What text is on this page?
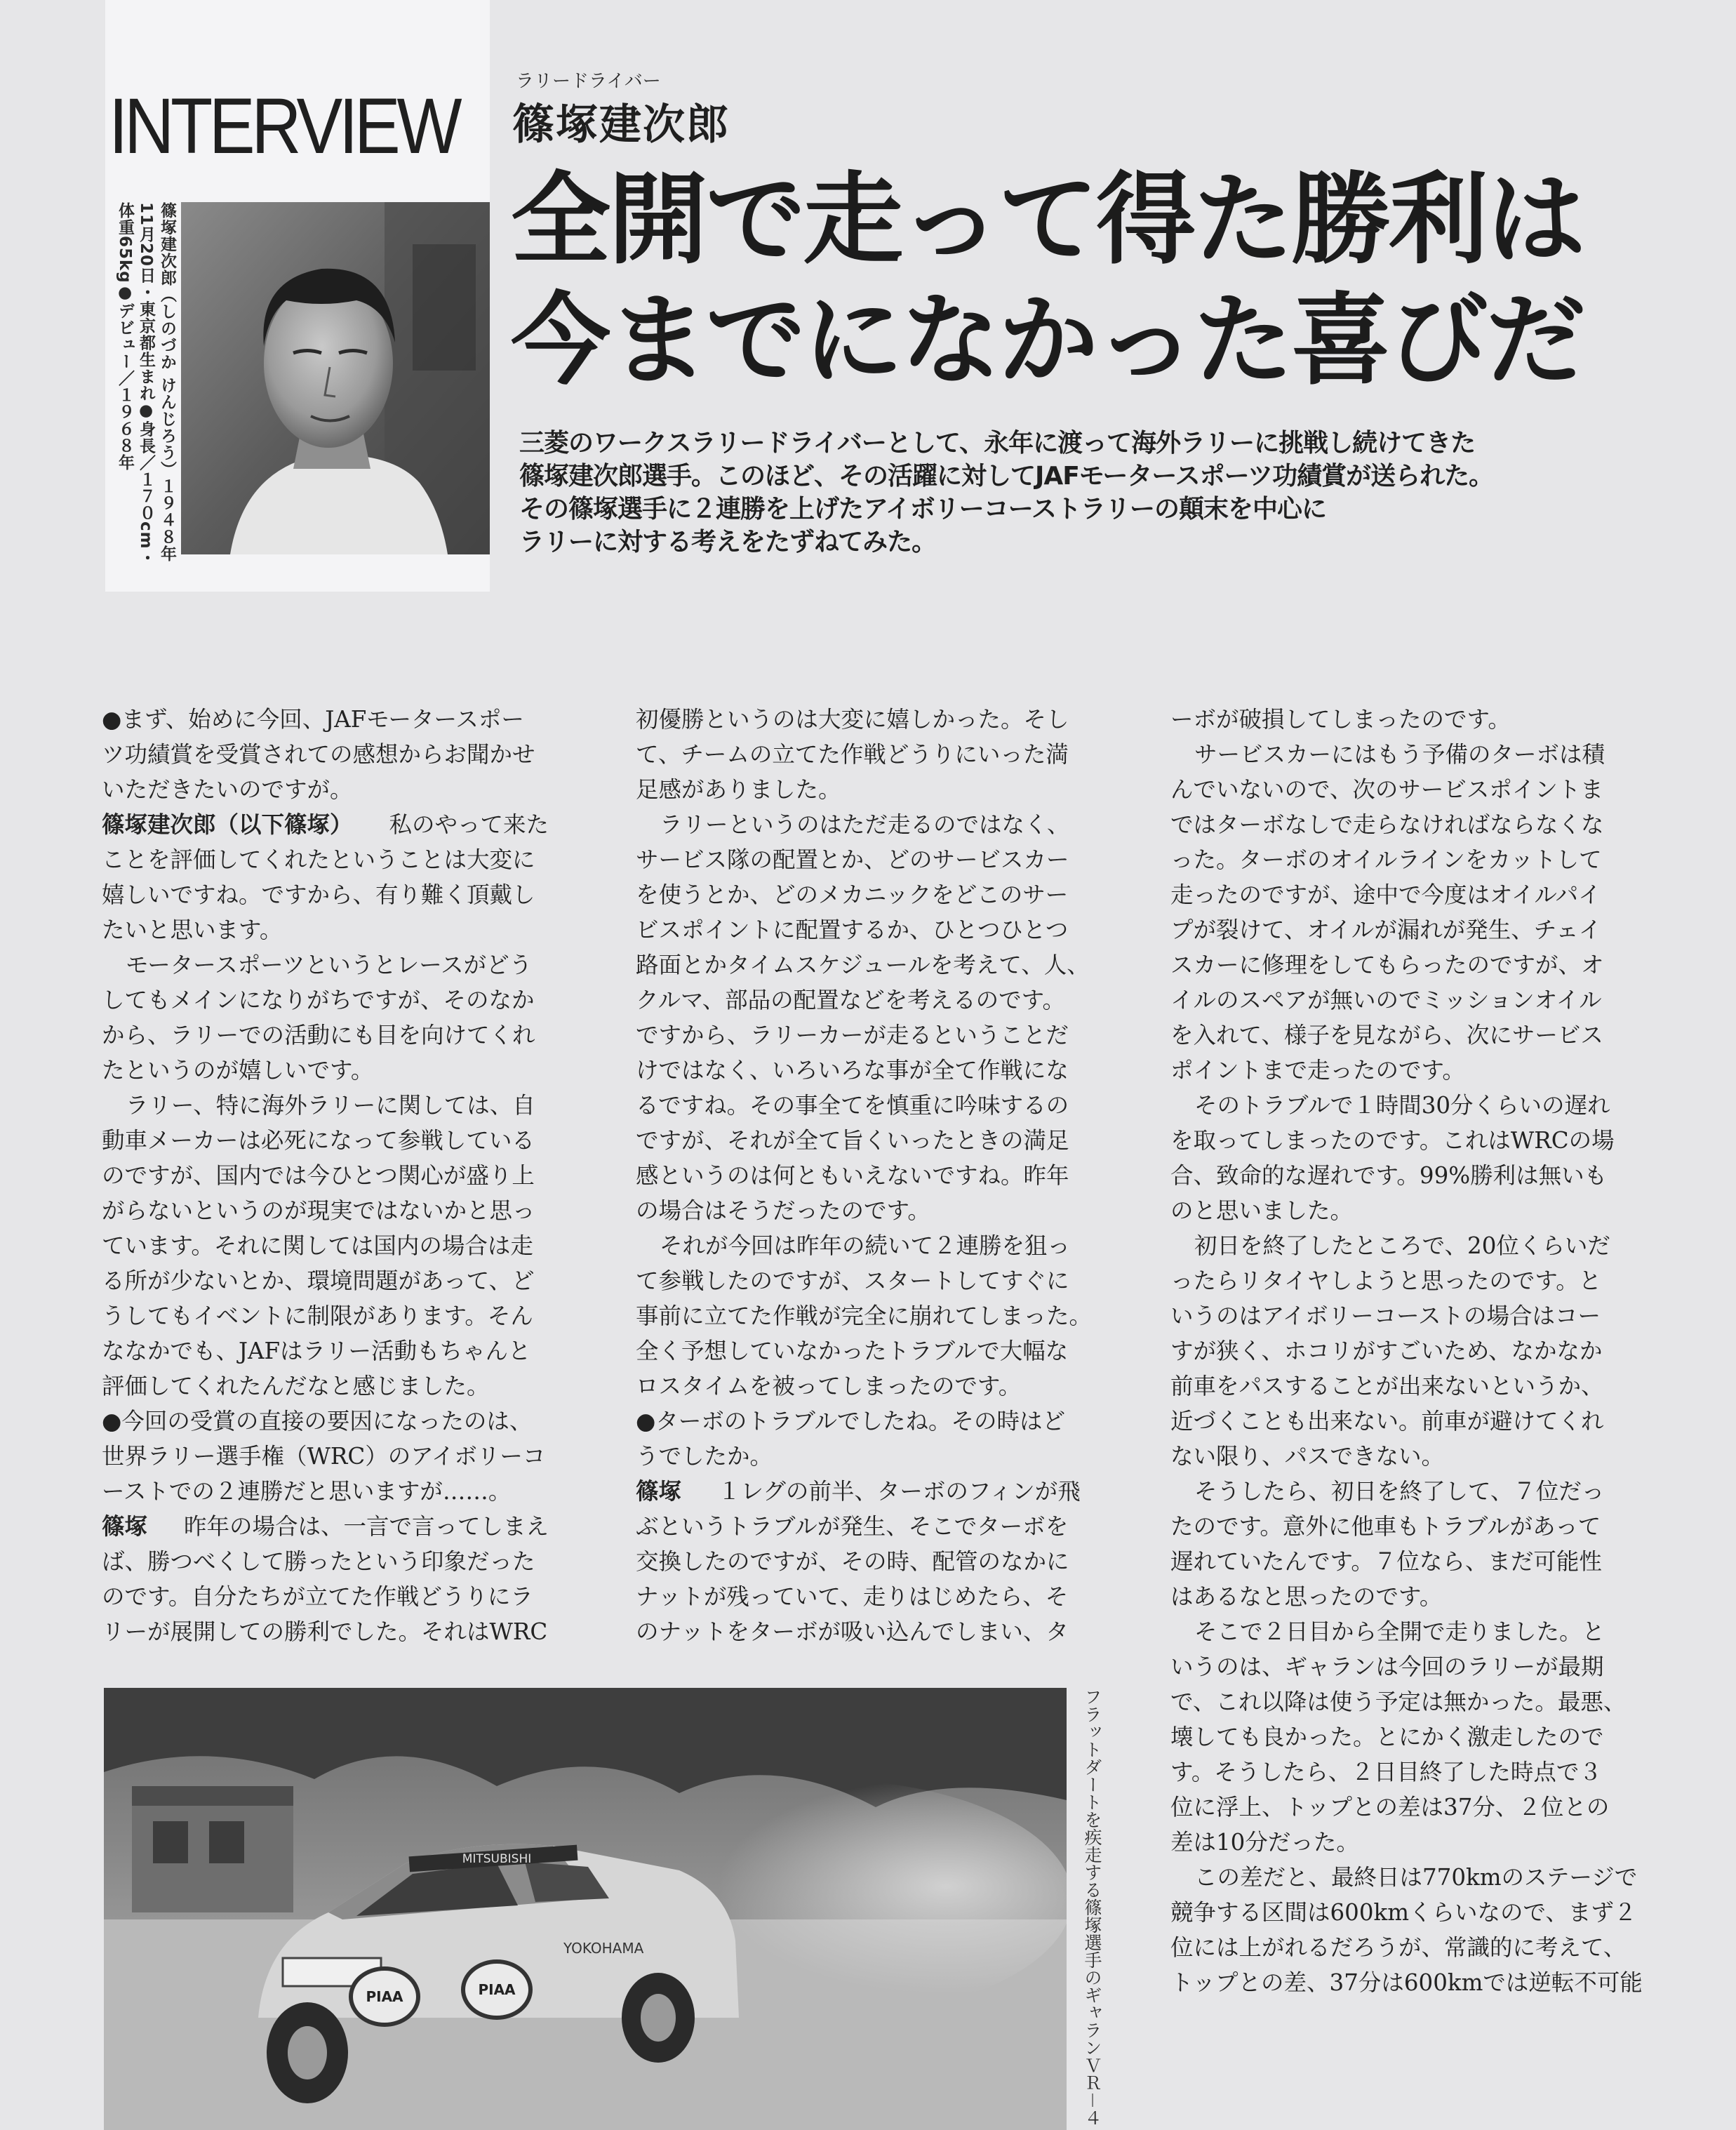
INTERVIEW
ラリードライバー
篠塚建次郎
全開で走って得た勝利は
今までになかった喜びだ
篠塚建次郎（しのづか けんじろう）１９４８年11月20日・東京都生まれ●身長／１７０cm・体重65kg●デビュー／１９６８年	三菱のワークスラリードライバーとして、永年に渡って海外ラリーに挑戦し続けてきた
篠塚建次郎選手。このほど、その活躍に対してJAFモータースポーツ功績賞が送られた。
その篠塚選手に２連勝を上げたアイボリーコーストラリーの顛末を中心に
ラリーに対する考えをたずねてみた。
●まず、始めに今回、JAFモータースポー
ツ功績賞を受賞されての感想からお聞かせ
いただきたいのですが。
篠塚建次郎（以下篠塚） 私のやって来た
ことを評価してくれたということは大変に
嬉しいですね。ですから、有り難く頂戴し
たいと思います。
モータースポーツというとレースがどう
してもメインになりがちですが、そのなか
から、ラリーでの活動にも目を向けてくれ
たというのが嬉しいです。
ラリー、特に海外ラリーに関しては、自
動車メーカーは必死になって参戦している
のですが、国内では今ひとつ関心が盛り上
がらないというのが現実ではないかと思っ
ています。それに関しては国内の場合は走
る所が少ないとか、環境問題があって、ど
うしてもイベントに制限があります。そん
ななかでも、JAFはラリー活動もちゃんと
評価してくれたんだなと感じました。
●今回の受賞の直接の要因になったのは、
世界ラリー選手権（WRC）のアイボリーコ
ーストでの２連勝だと思いますが……。
篠塚 昨年の場合は、一言で言ってしまえ
ば、勝つべくして勝ったという印象だった
のです。自分たちが立てた作戦どうりにラ
リーが展開しての勝利でした。それはWRC
初優勝というのは大変に嬉しかった。そし
て、チームの立てた作戦どうりにいった満
足感がありました。
ラリーというのはただ走るのではなく、
サービス隊の配置とか、どのサービスカー
を使うとか、どのメカニックをどこのサー
ビスポイントに配置するか、ひとつひとつ
路面とかタイムスケジュールを考えて、人、
クルマ、部品の配置などを考えるのです。
ですから、ラリーカーが走るということだ
けではなく、いろいろな事が全て作戦にな
るですね。その事全てを慎重に吟味するの
ですが、それが全て旨くいったときの満足
感というのは何ともいえないですね。昨年
の場合はそうだったのです。
それが今回は昨年の続いて２連勝を狙っ
て参戦したのですが、スタートしてすぐに
事前に立てた作戦が完全に崩れてしまった。
全く予想していなかったトラブルで大幅な
ロスタイムを被ってしまったのです。
●ターボのトラブルでしたね。その時はど
うでしたか。
篠塚 １レグの前半、ターボのフィンが飛
ぶというトラブルが発生、そこでターボを
交換したのですが、その時、配管のなかに
ナットが残っていて、走りはじめたら、そ
のナットをターボが吸い込んでしまい、タ
ーボが破損してしまったのです。
サービスカーにはもう予備のターボは積
んでいないので、次のサービスポイントま
ではターボなしで走らなければならなくな
った。ターボのオイルラインをカットして
走ったのですが、途中で今度はオイルパイ
プが裂けて、オイルが漏れが発生、チェイ
スカーに修理をしてもらったのですが、オ
イルのスペアが無いのでミッションオイル
を入れて、様子を見ながら、次にサービス
ポイントまで走ったのです。
そのトラブルで１時間30分くらいの遅れ
を取ってしまったのです。これはWRCの場
合、致命的な遅れです。99%勝利は無いも
のと思いました。
初日を終了したところで、20位くらいだ
ったらリタイヤしようと思ったのです。と
いうのはアイボリーコーストの場合はコー
すが狭く、ホコリがすごいため、なかなか
前車をパスすることが出来ないというか、
近づくことも出来ない。前車が避けてくれ
ない限り、パスできない。
そうしたら、初日を終了して、７位だっ
たのです。意外に他車もトラブルがあって
遅れていたんです。７位なら、まだ可能性
はあるなと思ったのです。
そこで２日目から全開で走りました。と
いうのは、ギャランは今回のラリーが最期
で、これ以降は使う予定は無かった。最悪、
壊しても良かった。とにかく激走したので
す。そうしたら、２日目終了した時点で３
位に浮上、トップとの差は37分、２位との
差は10分だった。
この差だと、最終日は770kmのステージで
競争する区間は600kmくらいなので、まず２
位には上がれるだろうが、常識的に考えて、
トップとの差、37分は600kmでは逆転不可能
MITSUBISHI
YOKOHAMA
PIAA	PIAA	フラットダートを疾走する篠塚選手のギャランＶＲ－４
